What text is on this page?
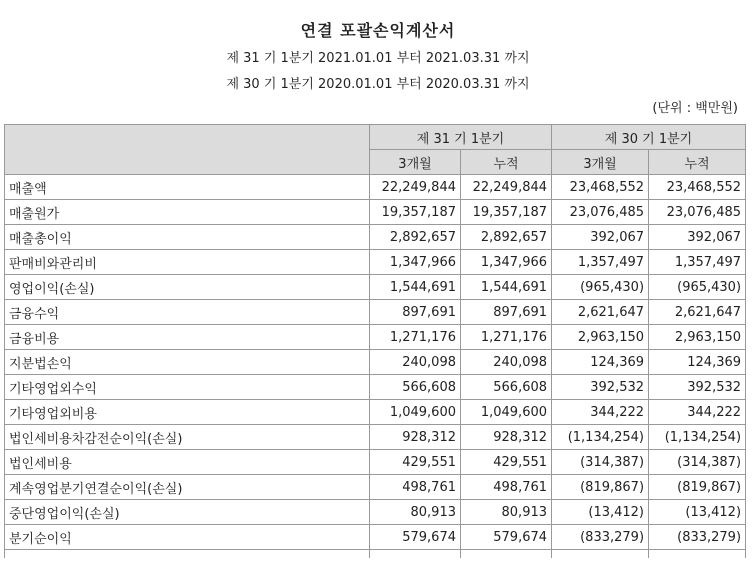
연결 포괄손익계산서
제 31 기 1분기 2021.01.01 부터 2021.03.31 까지
제 30 기 1분기 2020.01.01 부터 2020.03.31 까지
(단위 : 백만원)
	제 31 기 1분기		제 30 기 1분기	
	3개월	누적	3개월	누적
매출액	22,249,844	22,249,844	23,468,552	23,468,552
매출원가	19,357,187	19,357,187	23,076,485	23,076,485
매출총이익	2,892,657	2,892,657	392,067	392,067
판매비와관리비	1,347,966	1,347,966	1,357,497	1,357,497
영업이익(손실)	1,544,691	1,544,691	(965,430)	(965,430)
금융수익	897,691	897,691	2,621,647	2,621,647
금융비용	1,271,176	1,271,176	2,963,150	2,963,150
지분법손익	240,098	240,098	124,369	124,369
기타영업외수익	566,608	566,608	392,532	392,532
기타영업외비용	1,049,600	1,049,600	344,222	344,222
법인세비용차감전순이익(손실)	928,312	928,312	(1,134,254)	(1,134,254)
법인세비용	429,551	429,551	(314,387)	(314,387)
계속영업분기연결순이익(손실)	498,761	498,761	(819,867)	(819,867)
중단영업이익(손실)	80,913	80,913	(13,412)	(13,412)
분기순이익	579,674	579,674	(833,279)	(833,279)
